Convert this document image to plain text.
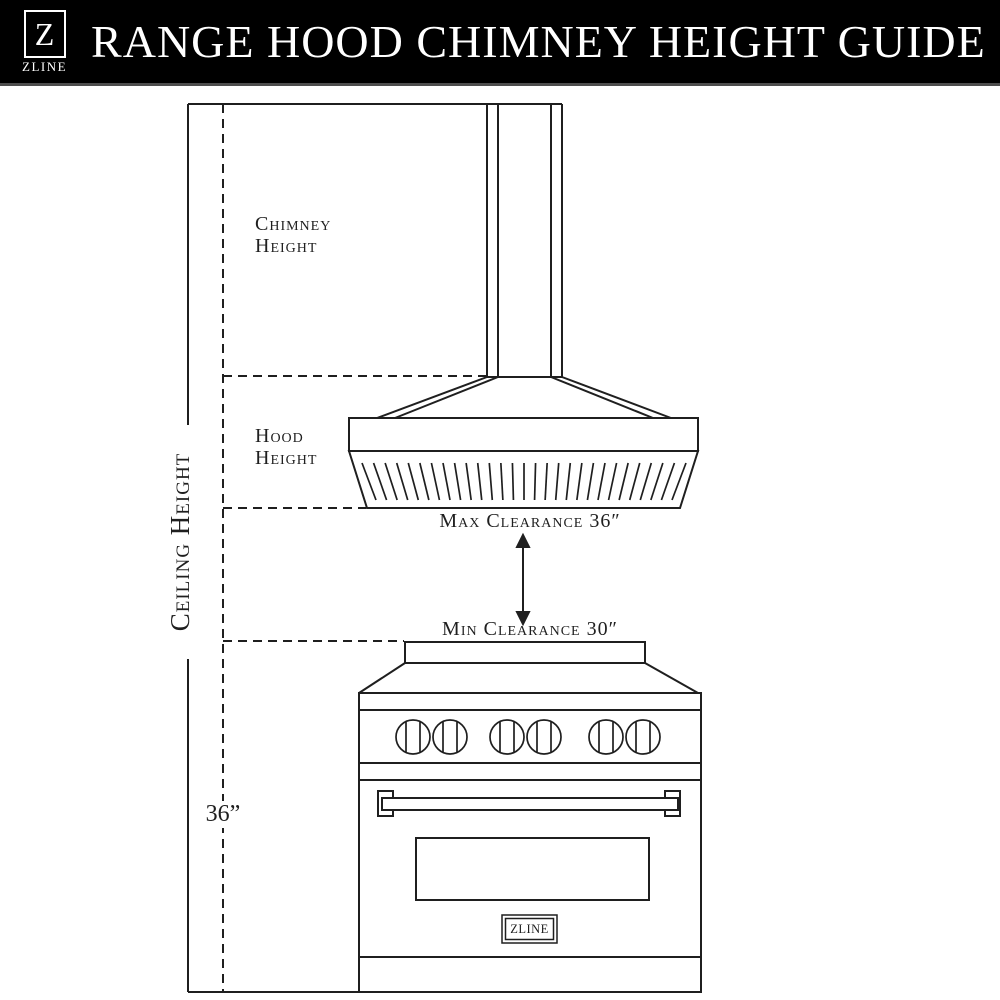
Chimney
Height
Hood
Height
Ceiling Height	Max Clearance 36″
Min Clearance 30″
36”
ZLINE
Z
ZLINE RANGE HOOD CHIMNEY HEIGHT GUIDE
